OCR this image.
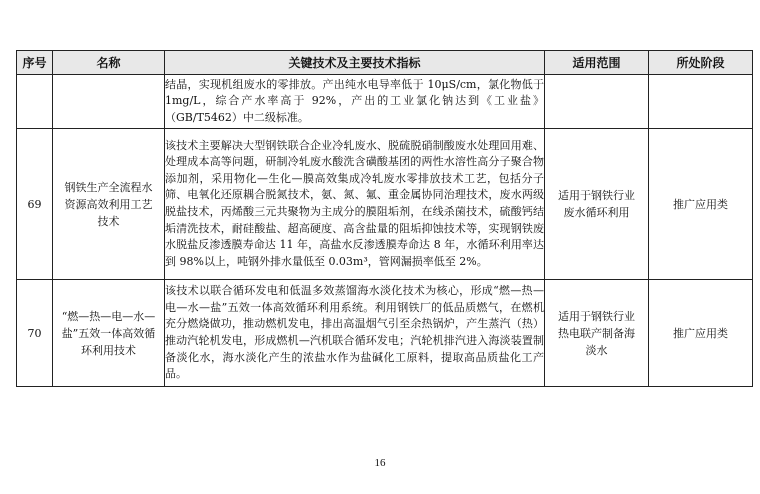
序号	名称	关键技术及主要技术指标	适用范围	所处阶段

		结晶，实现机组废水的零排放。产出纯水电导率低于 10μS/cm，氯化物低于 1mg/L，综合产水率高于 92%，产出的工业氯化钠达到《工业盐》（GB/T5462）中二级标准。		

69	钢铁生产全流程水资源高效利用工艺技术	该技术主要解决大型钢铁联合企业冷轧废水、脱硫脱硝制酸废水处理回用难、处理成本高等问题，研制冷轧废水酸洗含磺酸基团的两性水溶性高分子聚合物添加剂，采用物化—生化—膜高效集成冷轧废水零排放技术工艺，包括分子筛、电氧化还原耦合脱氮技术，氨、氮、氟、重金属协同治理技术，废水两级脱盐技术，丙烯酸三元共聚物为主成分的膜阻垢剂，在线杀菌技术，硫酸钙结垢清洗技术，耐硅酸盐、超高硬度、高含盐量的阻垢抑蚀技术等，实现钢铁废水脱盐反渗透膜寿命达 11 年，高盐水反渗透膜寿命达 8 年，水循环利用率达到 98%以上，吨钢外排水量低至 0.03m³，管网漏损率低至 2%。	适用于钢铁行业废水循环利用	推广应用类
70	“燃—热—电—水—盐”五效一体高效循环利用技术	该技术以联合循环发电和低温多效蒸馏海水淡化技术为核心，形成“燃—热—电—水—盐”五效一体高效循环利用系统。利用钢铁厂的低品质燃气，在燃机充分燃烧做功，推动燃机发电，排出高温烟气引至余热锅炉，产生蒸汽（热）推动汽轮机发电，形成燃机—汽机联合循环发电；汽轮机排汽进入海淡装置制备淡化水，海水淡化产生的浓盐水作为盐碱化工原料，提取高品质盐化工产品。	适用于钢铁行业热电联产制备海淡水	推广应用类
16
